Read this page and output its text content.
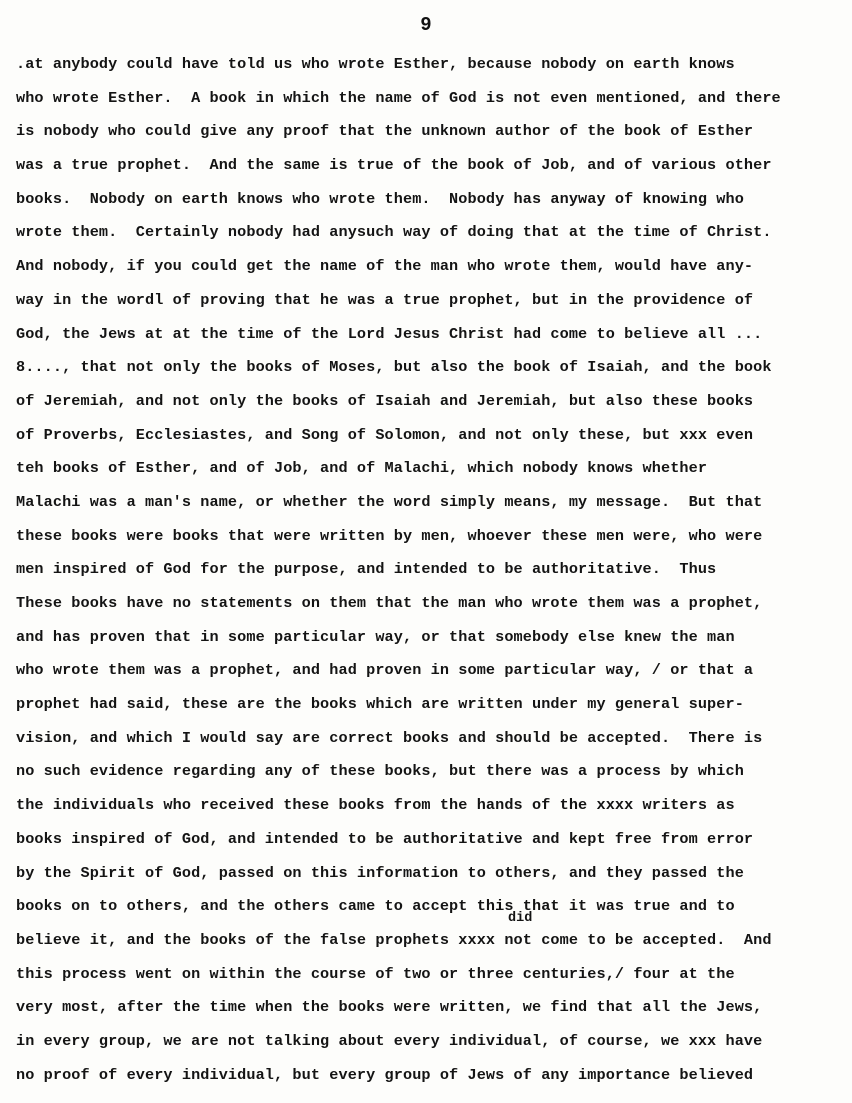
9
.at anybody could have told us who wrote Esther, because nobody on earth knows
who wrote Esther.  A book in which the name of God is not even mentioned, and there
is nobody who could give any proof that the unknown author of the book of Esther
was a true prophet.  And the same is true of the book of Job, and of various other
books.  Nobody on earth knows who wrote them.  Nobody has anyway of knowing who
wrote them.  Certainly nobody had anysuch way of doing that at the time of Christ.
And nobody, if you could get the name of the man who wrote them, would have any-
way in the wordl of proving that he was a true prophet, but in the providence of
God, the Jews at at the time of the Lord Jesus Christ had come to believe all ...
8...., that not only the books of Moses, but also the book of Isaiah, and the book
of Jeremiah, and not only the books of Isaiah and Jeremiah, but also these books
of Proverbs, Ecclesiastes, and Song of Solomon, and not only these, but xxx even
teh books of Esther, and of Job, and of Malachi, which nobody knows whether
Malachi was a man's name, or whether the word simply means, my message.  But that
these books were books that were written by men, whoever these men were, who were
men inspired of God for the purpose, and intended to be authoritative.  Thus
These books have no statements on them that the man who wrote them was a prophet,
and has proven that in some particular way, or that somebody else knew the man
who wrote them was a prophet, and had proven in some particular way, / or that a
prophet had said, these are the books which are written under my general super-
vision, and which I would say are correct books and should be accepted.  There is
no such evidence regarding any of these books, but there was a process by which
the individuals who received these books from the hands of the xxxx writers as
books inspired of God, and intended to be authoritative and kept free from error
by the Spirit of God, passed on this information to others, and they passed the
books on to others, and the others came to accept this that it was true and to
believe it, and the books of the false prophets xxxx not come to be accepted.  And
this process went on within the course of two or three centuries,/ four at the
very most, after the time when the books were written, we find that all the Jews,
in every group, we are not talking about every individual, of course, we xxx have
no proof of every individual, but every group of Jews of any importance believed
did
